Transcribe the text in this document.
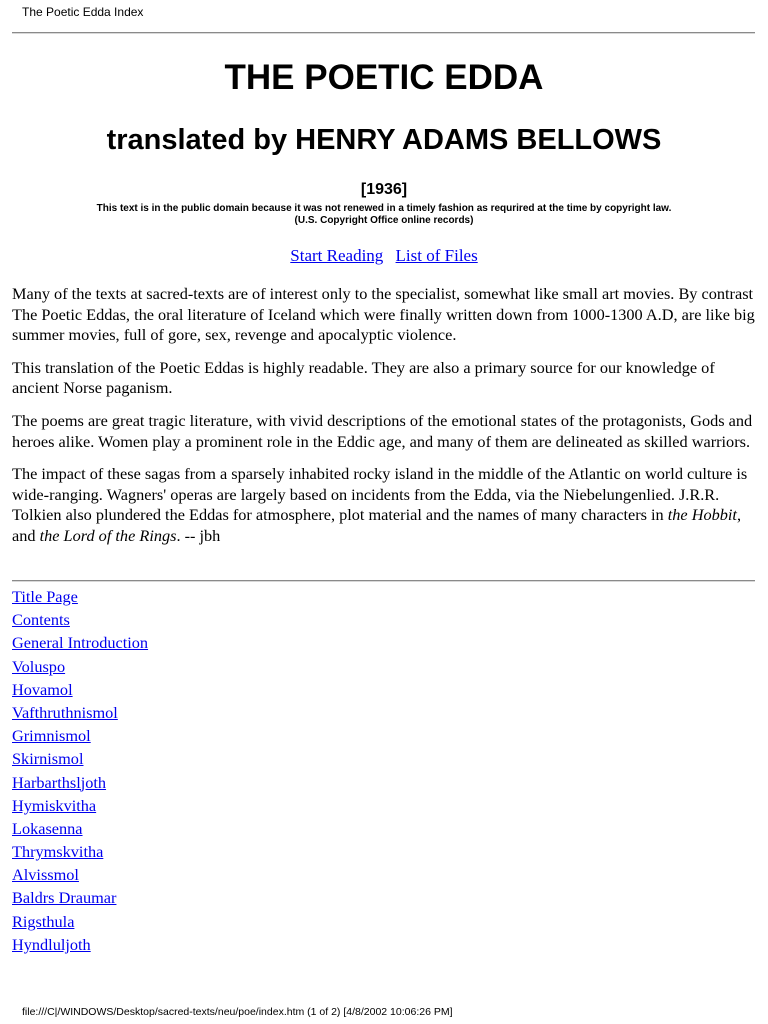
The Poetic Edda Index
THE POETIC EDDA
translated by HENRY ADAMS BELLOWS
[1936]
This text is in the public domain because it was not renewed in a timely fashion as requrired at the time by copyright law.
(U.S. Copyright Office online records)
Start Reading List of Files

Many of the texts at sacred-texts are of interest only to the specialist, somewhat like small art movies. By contrast The Poetic Eddas, the oral literature of Iceland which were finally written down from 1000-1300 A.D, are like big summer movies, full of gore, sex, revenge and apocalyptic violence.

This translation of the Poetic Eddas is highly readable. They are also a primary source for our knowledge of ancient Norse paganism.

The poems are great tragic literature, with vivid descriptions of the emotional states of the protagonists, Gods and heroes alike. Women play a prominent role in the Eddic age, and many of them are delineated as skilled warriors.

The impact of these sagas from a sparsely inhabited rocky island in the middle of the Atlantic on world culture is wide-ranging. Wagners' operas are largely based on incidents from the Edda, via the Niebelungenlied. J.R.R. Tolkien also plundered the Eddas for atmosphere, plot material and the names of many characters in the Hobbit, and the Lord of the Rings. -- jbh

Title Page
Contents
General Introduction
Voluspo
Hovamol
Vafthruthnismol
Grimnismol
Skirnismol
Harbarthsljoth
Hymiskvitha
Lokasenna
Thrymskvitha
Alvissmol
Baldrs Draumar
Rigsthula
Hyndluljoth
file:///C|/WINDOWS/Desktop/sacred-texts/neu/poe/index.htm (1 of 2) [4/8/2002 10:06:26 PM]
